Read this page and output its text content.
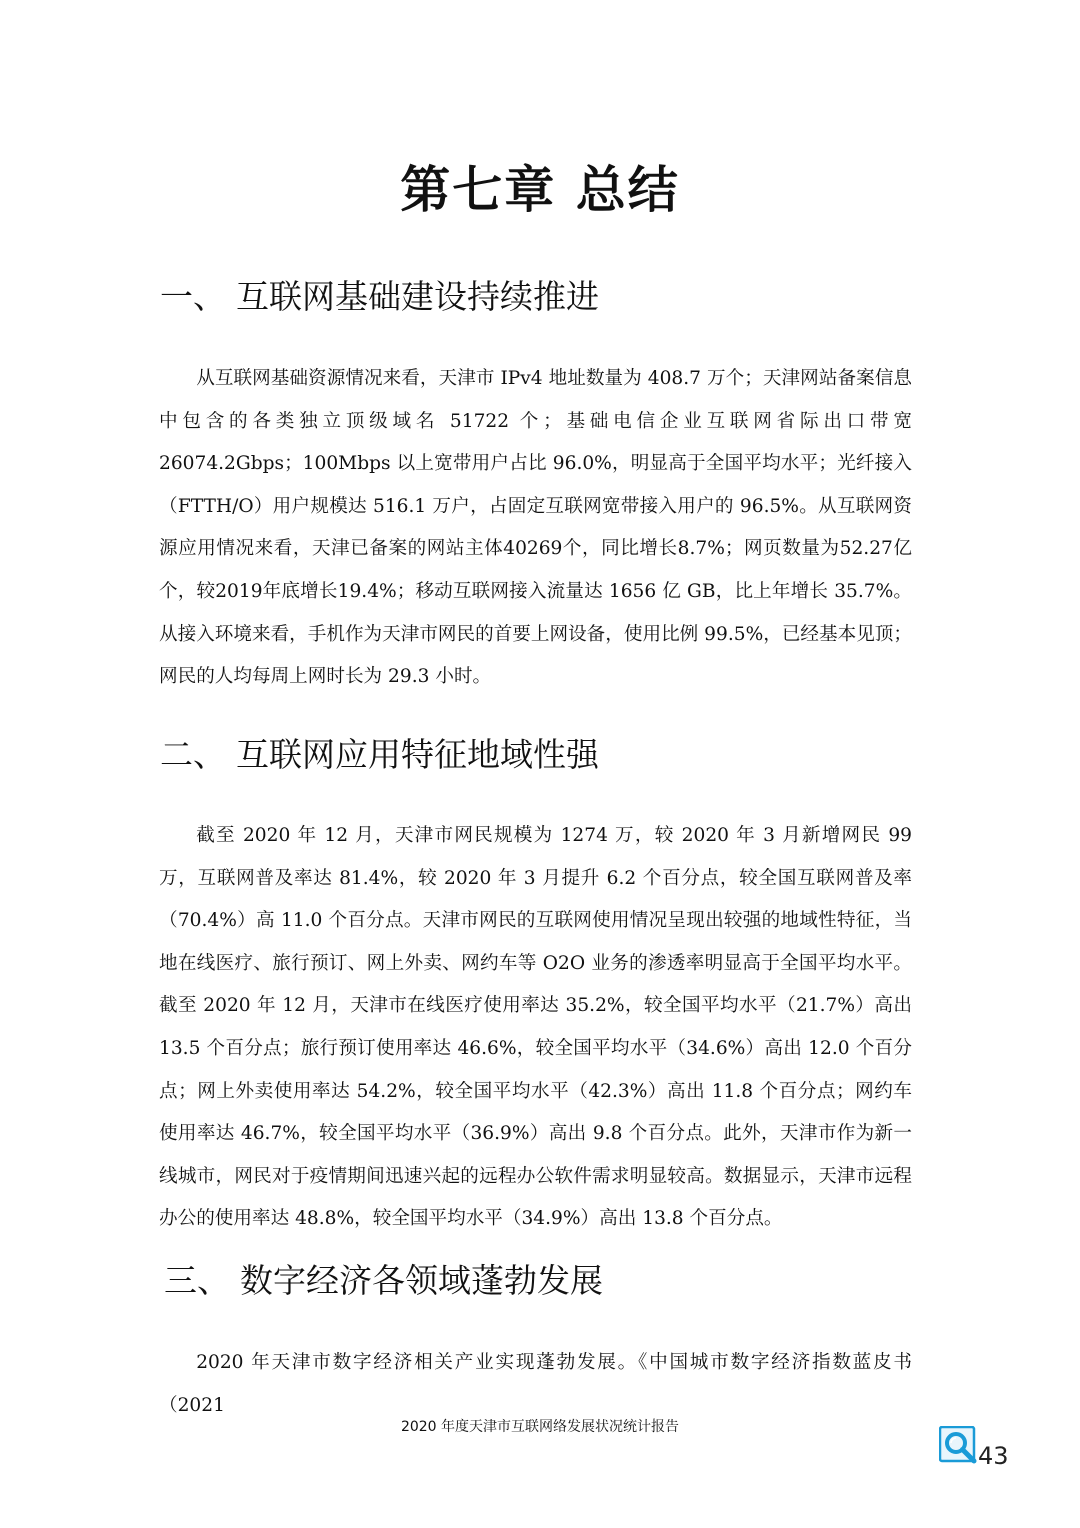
第七章 总结
一、 互联网基础建设持续推进

从互联网基础资源情况来看，天津市 IPv4 地址数量为 408.7 万个；天津网站备案信息中包含的各类独立顶级域名 51722 个；基础电信企业互联网省际出口带宽 26074.2Gbps；100Mbps 以上宽带用户占比 96.0%，明显高于全国平均水平；光纤接入（FTTH/O）用户规模达 516.1 万户，占固定互联网宽带接入用户的 96.5%。从互联网资源应用情况来看，天津已备案的网站主体40269个，同比增长8.7%；网页数量为52.27亿个，较2019年底增长19.4%；移动互联网接入流量达 1656 亿 GB，比上年增长 35.7%。从接入环境来看，手机作为天津市网民的首要上网设备，使用比例 99.5%，已经基本见顶；网民的人均每周上网时长为 29.3 小时。

二、 互联网应用特征地域性强

截至 2020 年 12 月，天津市网民规模为 1274 万，较 2020 年 3 月新增网民 99 万，互联网普及率达 81.4%，较 2020 年 3 月提升 6.2 个百分点，较全国互联网普及率（70.4%）高 11.0 个百分点。天津市网民的互联网使用情况呈现出较强的地域性特征，当地在线医疗、旅行预订、网上外卖、网约车等 O2O 业务的渗透率明显高于全国平均水平。截至 2020 年 12 月，天津市在线医疗使用率达 35.2%，较全国平均水平（21.7%）高出 13.5 个百分点；旅行预订使用率达 46.6%，较全国平均水平（34.6%）高出 12.0 个百分点；网上外卖使用率达 54.2%，较全国平均水平（42.3%）高出 11.8 个百分点；网约车使用率达 46.7%，较全国平均水平（36.9%）高出 9.8 个百分点。此外，天津市作为新一线城市，网民对于疫情期间迅速兴起的远程办公软件需求明显较高。数据显示，天津市远程办公的使用率达 48.8%，较全国平均水平（34.9%）高出 13.8 个百分点。

三、 数字经济各领域蓬勃发展

2020 年天津市数字经济相关产业实现蓬勃发展。《中国城市数字经济指数蓝皮书（2021

2020 年度天津市互联网络发展状况统计报告
43
